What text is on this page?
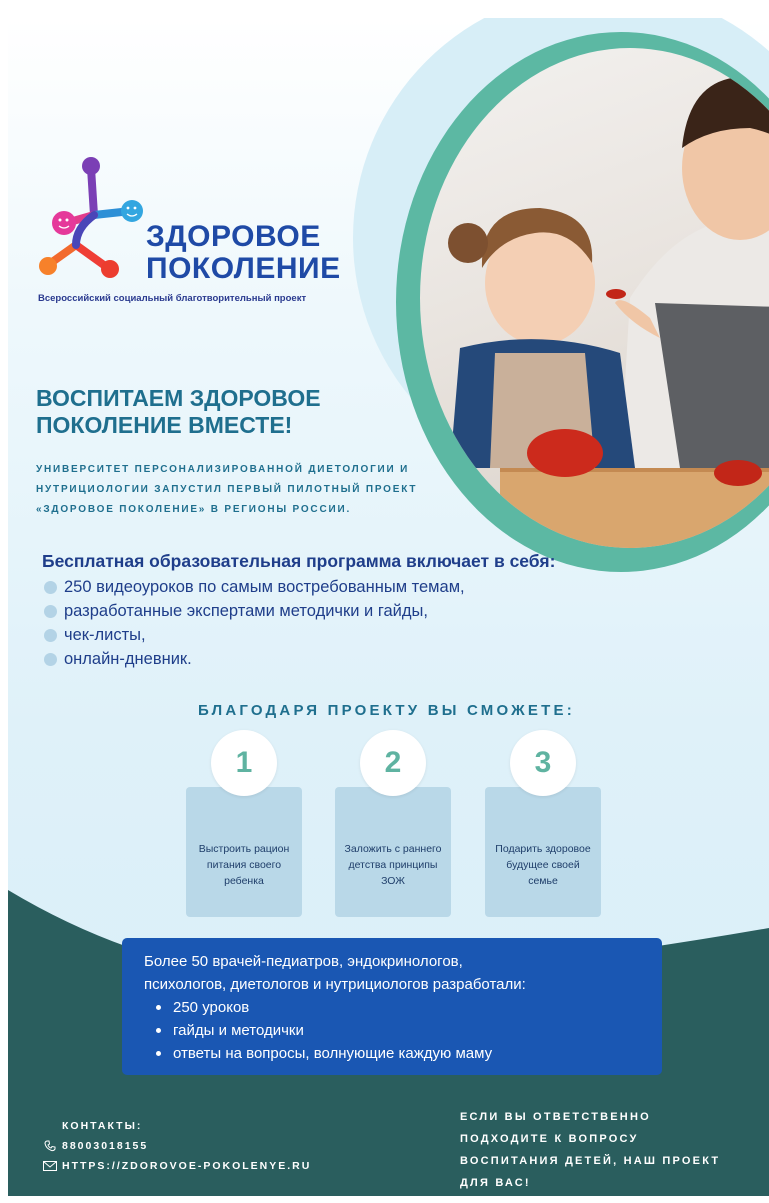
ЗДОРОВОЕ
ПОКОЛЕНИЕ
Всероссийский социальный благотворительный проект
ВОСПИТАЕМ ЗДОРОВОЕ
ПОКОЛЕНИЕ ВМЕСТЕ!
УНИВЕРСИТЕТ ПЕРСОНАЛИЗИРОВАННОЙ ДИЕТОЛОГИИ И
НУТРИЦИОЛОГИИ ЗАПУСТИЛ ПЕРВЫЙ ПИЛОТНЫЙ ПРОЕКТ
«ЗДОРОВОЕ ПОКОЛЕНИЕ» В РЕГИОНЫ РОССИИ.
Бесплатная образовательная программа включает в себя:
250 видеоуроков по самым востребованным темам,
разработанные экспертами методички и гайды,
чек-листы,
онлайн-дневник.
БЛАГОДАРЯ ПРОЕКТУ ВЫ СМОЖЕТЕ:
Выстроить рацион питания своего ребенка
Заложить с раннего детства принципы ЗОЖ
Подарить здоровое будущее своей семье
1	2	3
Более 50 врачей-педиатров, эндокринологов,
психологов, диетологов и нутрициологов разработали:
250 уроков
гайды и методички
ответы на вопросы, волнующие каждую маму
КОНТАКТЫ:
88003018155
HTTPS://ZDOROVOE-POKOLENYE.RU
ЕСЛИ ВЫ ОТВЕТСТВЕННО
ПОДХОДИТЕ К ВОПРОСУ
ВОСПИТАНИЯ ДЕТЕЙ, НАШ ПРОЕКТ
ДЛЯ ВАС!
